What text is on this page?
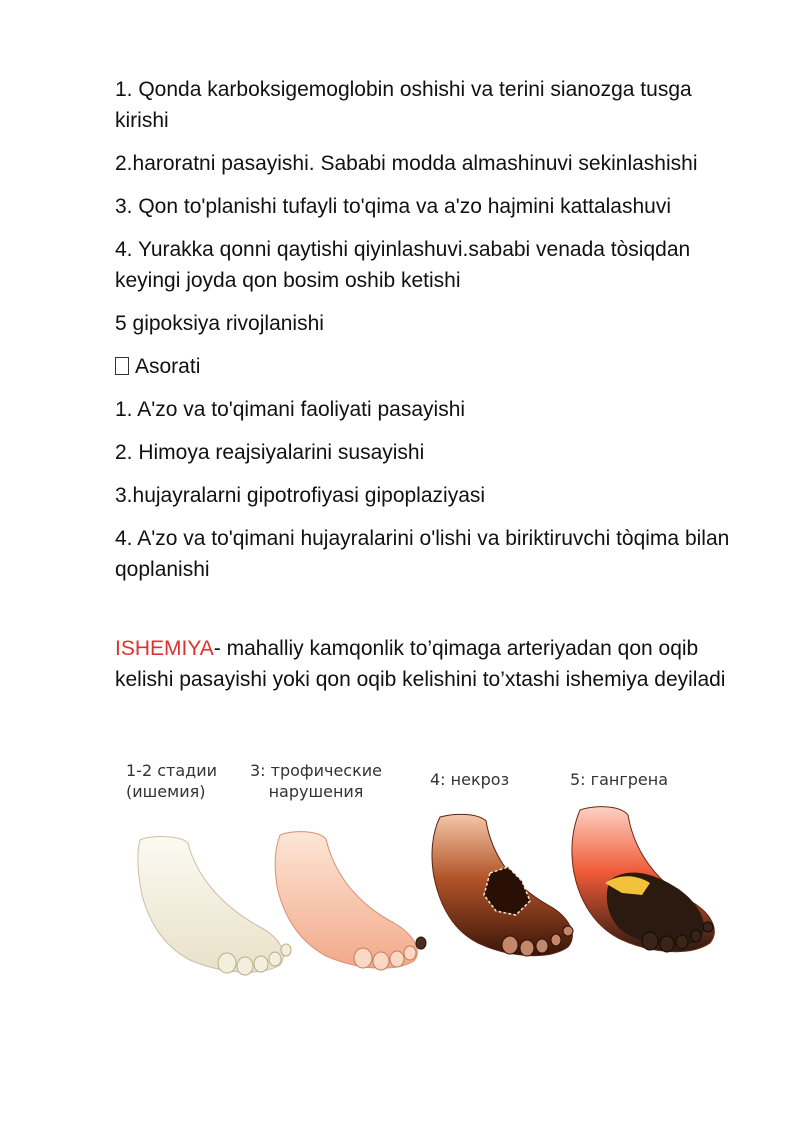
1. Qonda karboksigemoglobin oshishi va terini sianozga tusga kirishi

2.haroratni pasayishi. Sababi modda almashinuvi sekinlashishi

3. Qon to'planishi tufayli to'qima va a'zo hajmini kattalashuvi

4. Yurakka qonni qaytishi qiyinlashuvi.sababi venada tòsiqdan keyingi joyda qon bosim oshib ketishi

5 gipoksiya rivojlanishi

Asorati

1. A'zo va to'qimani faoliyati pasayishi

2. Himoya reajsiyalarini susayishi

3.hujayralarni gipotrofiyasi gipoplaziyasi

4. A'zo va to'qimani hujayralarini o'lishi va biriktiruvchi tòqima bilan qoplanishi

ISHEMIYA- mahalliy kamqonlik to’qimaga arteriyadan qon oqib kelishi pasayishi yoki qon oqib kelishini to’xtashi ishemiya deyiladi

1-2 стадии
(ишемия)
3: трофические
нарушения
4: некроз	5: гангрена
